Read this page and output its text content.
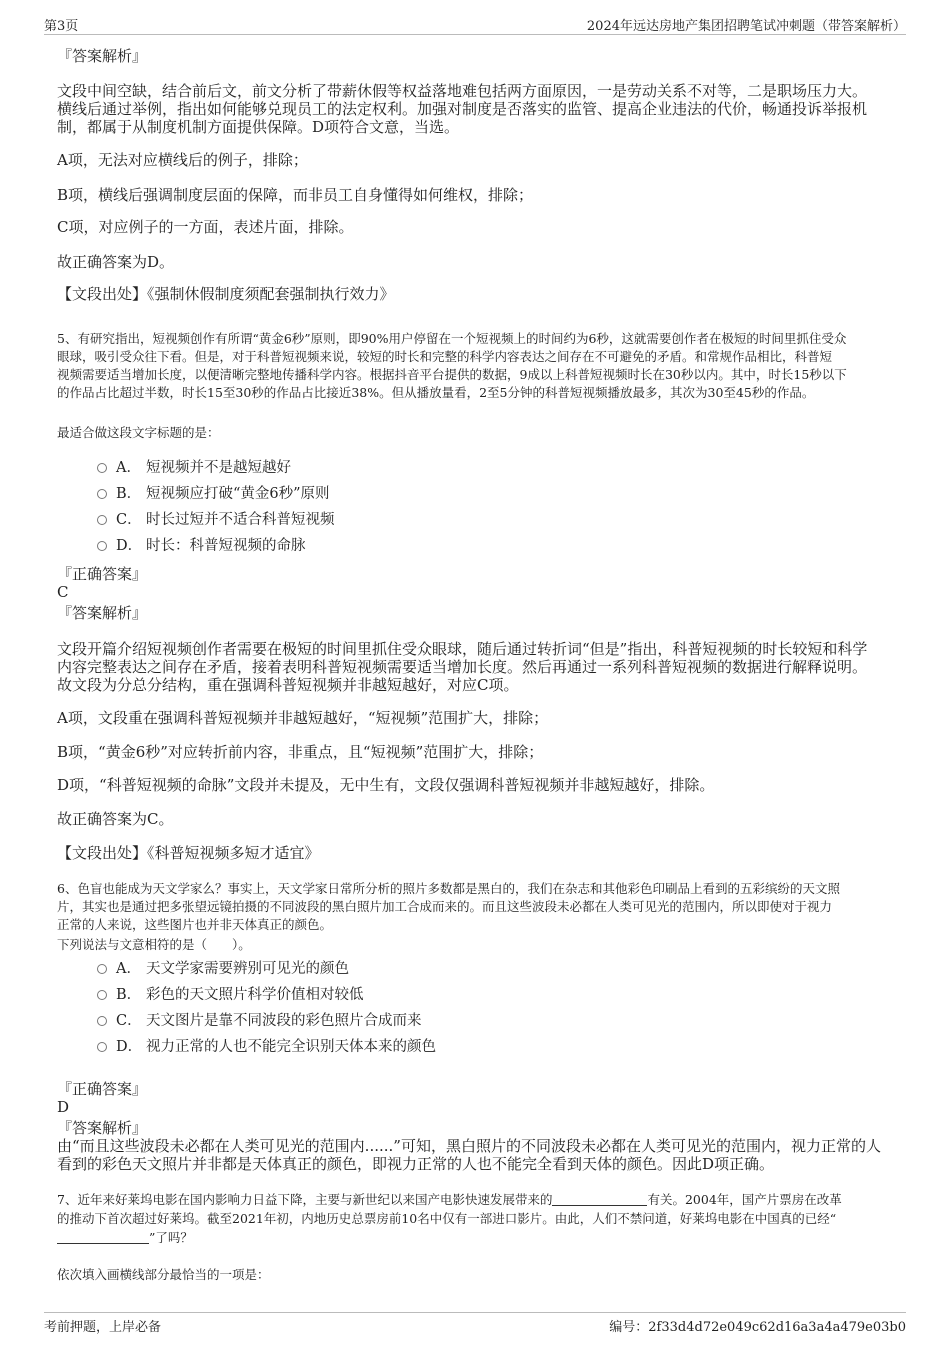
第3页	2024年远达房地产集团招聘笔试冲刺题（带答案解析）
『答案解析』
文段中间空缺，结合前后文，前文分析了带薪休假等权益落地难包括两方面原因，一是劳动关系不对等，二是职场压力大。
横线后通过举例，指出如何能够兑现员工的法定权利。加强对制度是否落实的监管、提高企业违法的代价，畅通投诉举报机
制，都属于从制度机制方面提供保障。D项符合文意，当选。
A项，无法对应横线后的例子，排除；
B项，横线后强调制度层面的保障，而非员工自身懂得如何维权，排除；
C项，对应例子的一方面，表述片面，排除。
故正确答案为D。
【文段出处】《强制休假制度须配套强制执行效力》
5、有研究指出，短视频创作有所谓“黄金6秒”原则，即90%用户停留在一个短视频上的时间约为6秒，这就需要创作者在极短的时间里抓住受众
眼球，吸引受众往下看。但是，对于科普短视频来说，较短的时长和完整的科学内容表达之间存在不可避免的矛盾。和常规作品相比，科普短
视频需要适当增加长度，以便清晰完整地传播科学内容。根据抖音平台提供的数据，9成以上科普短视频时长在30秒以内。其中，时长15秒以下
的作品占比超过半数，时长15至30秒的作品占比接近38%。但从播放量看，2至5分钟的科普短视频播放最多，其次为30至45秒的作品。
最适合做这段文字标题的是：
A． 短视频并不是越短越好
B． 短视频应打破“黄金6秒”原则
C． 时长过短并不适合科普短视频
D． 时长：科普短视频的命脉
『正确答案』
C
『答案解析』
文段开篇介绍短视频创作者需要在极短的时间里抓住受众眼球，随后通过转折词“但是”指出，科普短视频的时长较短和科学
内容完整表达之间存在矛盾，接着表明科普短视频需要适当增加长度。然后再通过一系列科普短视频的数据进行解释说明。
故文段为分总分结构，重在强调科普短视频并非越短越好，对应C项。
A项，文段重在强调科普短视频并非越短越好，“短视频”范围扩大，排除；
B项，“黄金6秒”对应转折前内容，非重点，且“短视频”范围扩大，排除；
D项，“科普短视频的命脉”文段并未提及，无中生有，文段仅强调科普短视频并非越短越好，排除。
故正确答案为C。
【文段出处】《科普短视频多短才适宜》
6、色盲也能成为天文学家么？事实上，天文学家日常所分析的照片多数都是黑白的，我们在杂志和其他彩色印刷品上看到的五彩缤纷的天文照
片，其实也是通过把多张望远镜拍摄的不同波段的黑白照片加工合成而来的。而且这些波段未必都在人类可见光的范围内，所以即使对于视力
正常的人来说，这些图片也并非天体真正的颜色。
下列说法与文意相符的是（　　）。
A． 天文学家需要辨别可见光的颜色
B． 彩色的天文照片科学价值相对较低
C． 天文图片是靠不同波段的彩色照片合成而来
D． 视力正常的人也不能完全识别天体本来的颜色
『正确答案』
D
『答案解析』
由“而且这些波段未必都在人类可见光的范围内......”可知，黑白照片的不同波段未必都在人类可见光的范围内，视力正常的人
看到的彩色天文照片并非都是天体真正的颜色，即视力正常的人也不能完全看到天体的颜色。因此D项正确。
7、近年来好莱坞电影在国内影响力日益下降，主要与新世纪以来国产电影快速发展带来的	有关。2004年，国产片票房在改革
的推动下首次超过好莱坞。截至2021年初，内地历史总票房前10名中仅有一部进口影片。由此，人们不禁问道，好莱坞电影在中国真的已经“
”了吗？
依次填入画横线部分最恰当的一项是：
考前押题，上岸必备	编号：2f33d4d72e049c62d16a3a4a479e03b0
